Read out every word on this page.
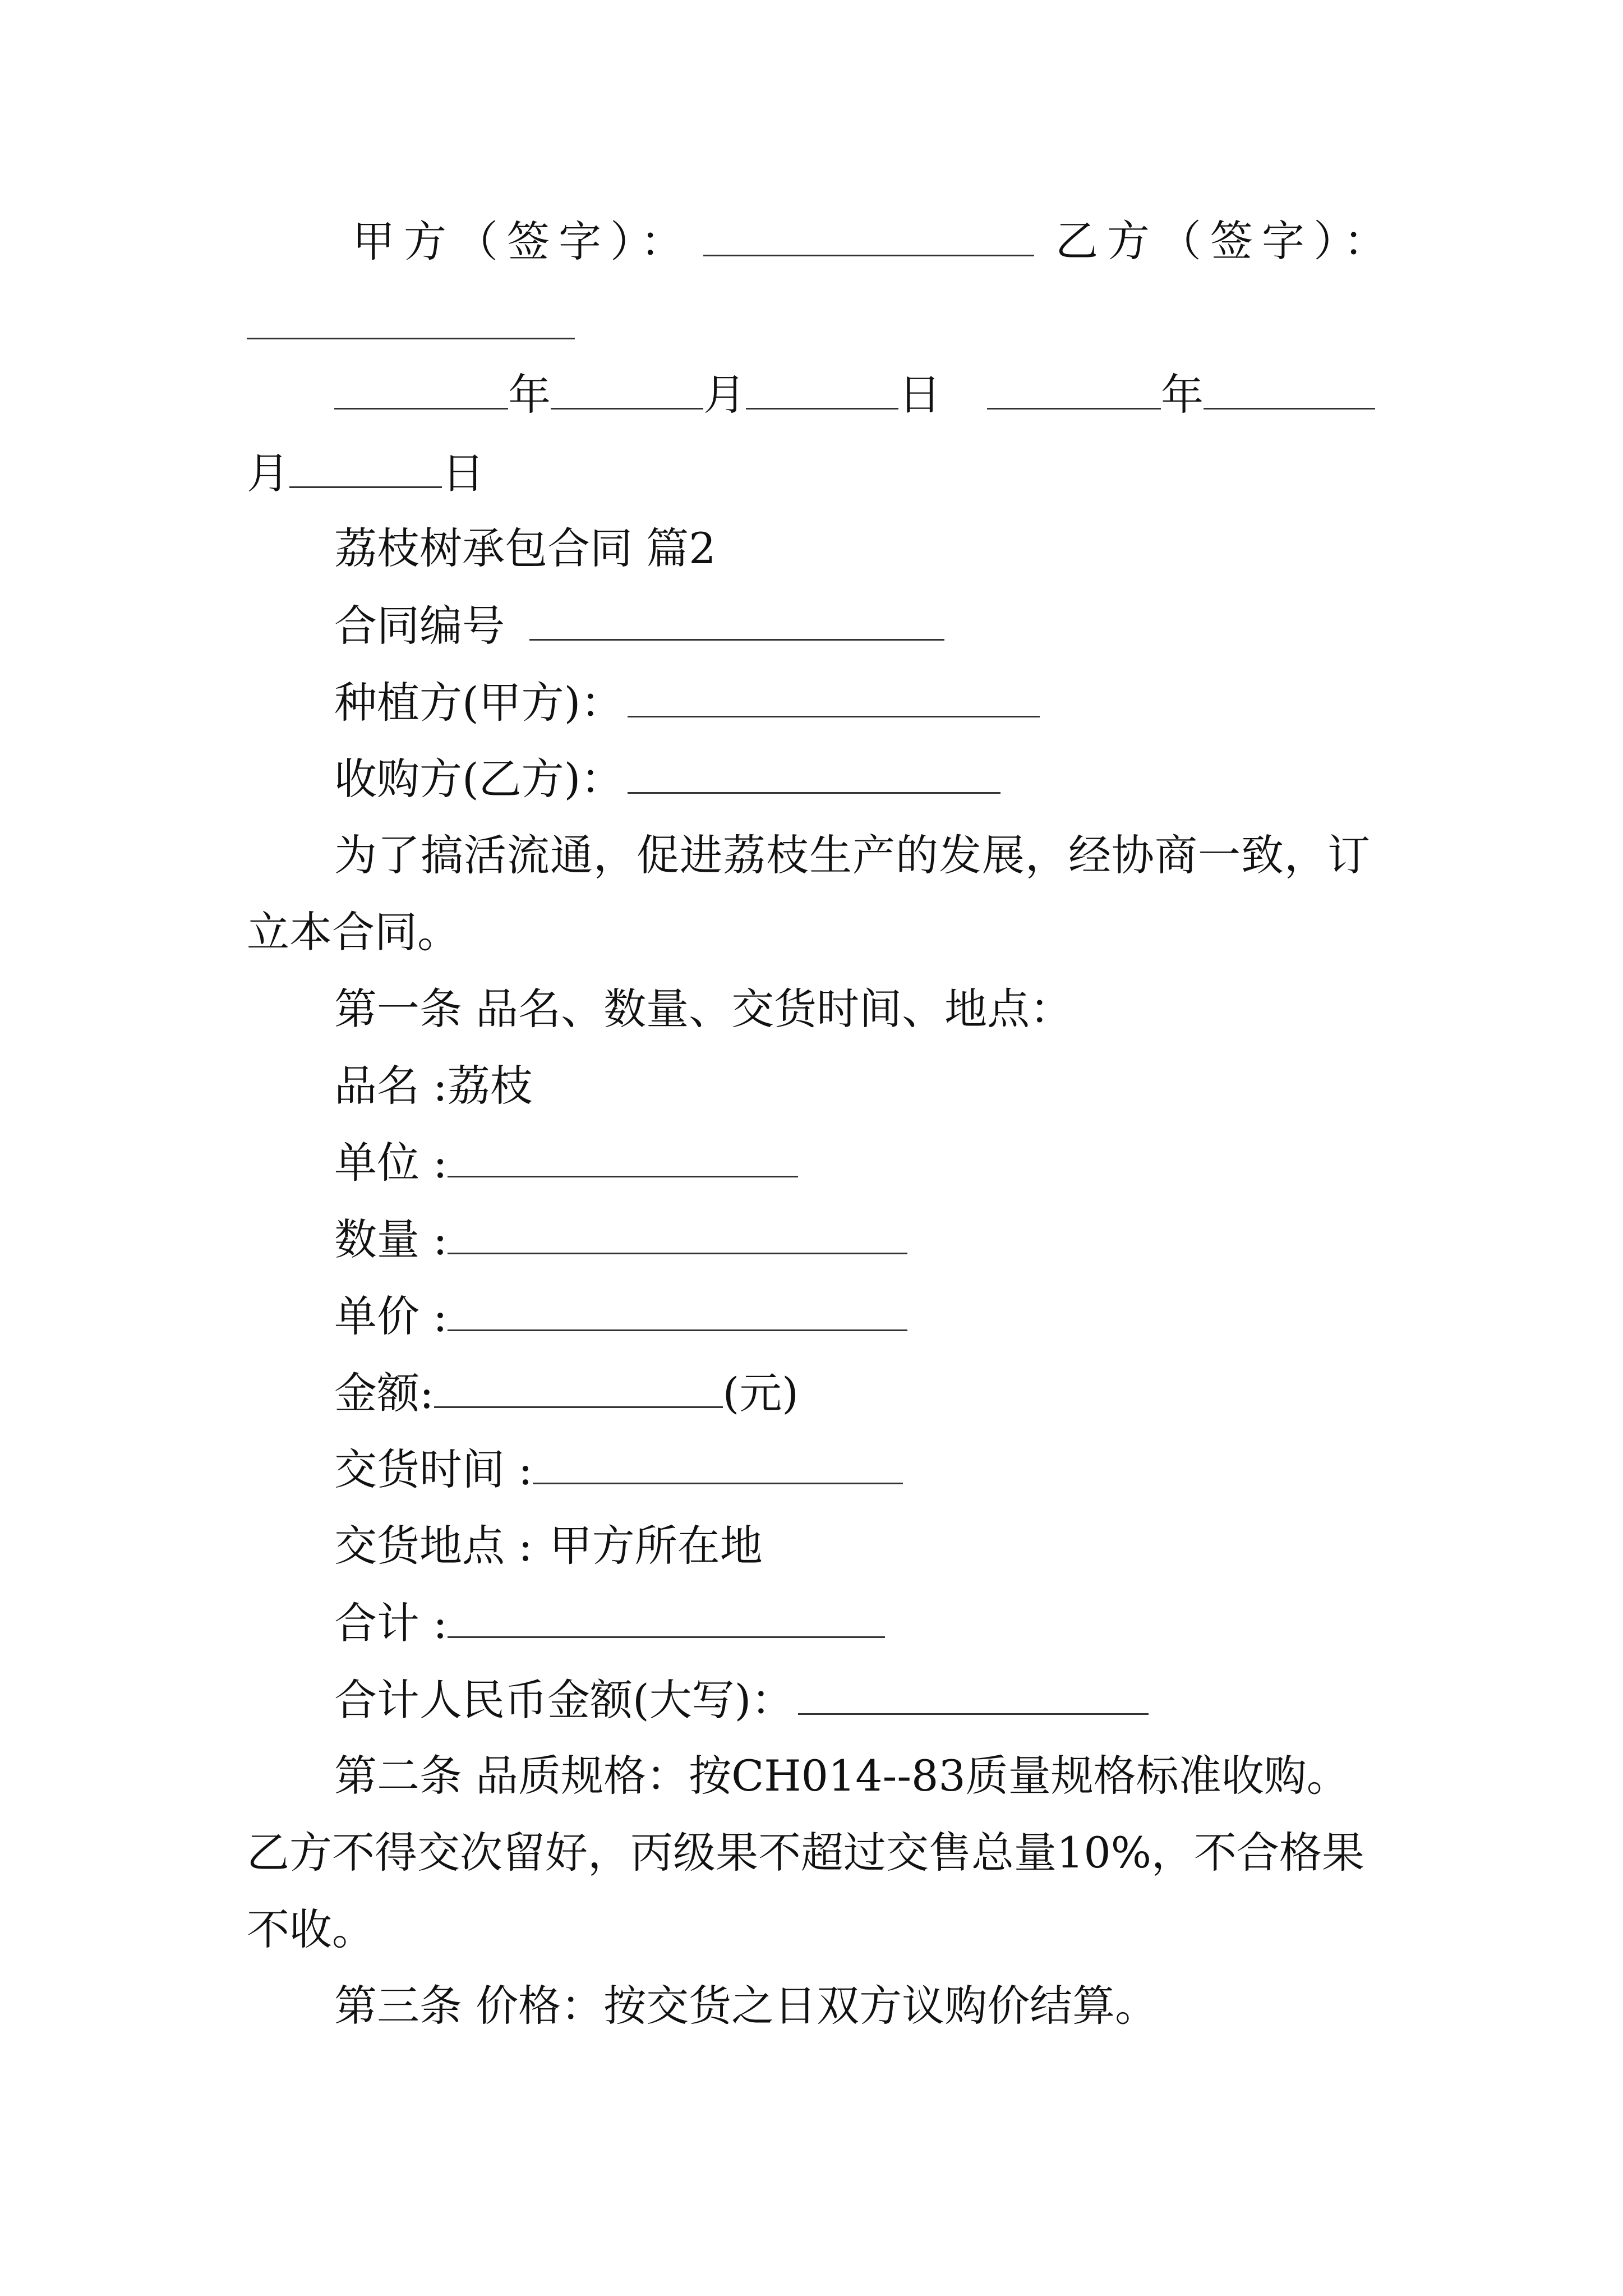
甲方（签字）：	乙方（签字）：
年	月	日	年
月	日
荔枝树承包合同 篇2
合同编号
种植方(甲方)：
收购方(乙方)：
为了搞活流通，促进荔枝生产的发展，经协商一致，订
立本合同。
第一条 品名、数量、交货时间、地点：
品名 :荔枝
单位 :
数量 :
单价 :
金额:	(元)
交货时间 :
交货地点 : 甲方所在地
合计 :
合计人民币金额(大写)：
第二条 品质规格：按CH014--83质量规格标准收购。
乙方不得交次留好，丙级果不超过交售总量10%，不合格果
不收。
第三条 价格：按交货之日双方议购价结算。
